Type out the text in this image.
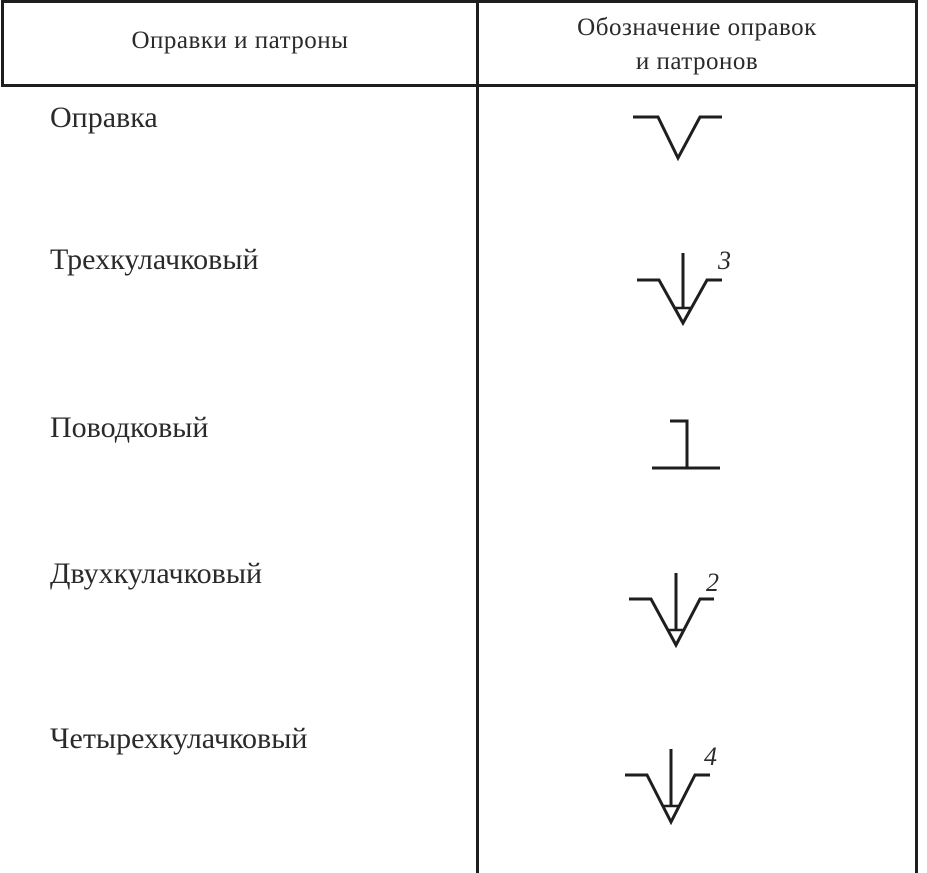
Оправки и патроны	Обозначение оправок
и патронов
Оправка
Трехкулачковый
Поводковый
Двухкулачковый
Четырехкулачковый
3
2
4
